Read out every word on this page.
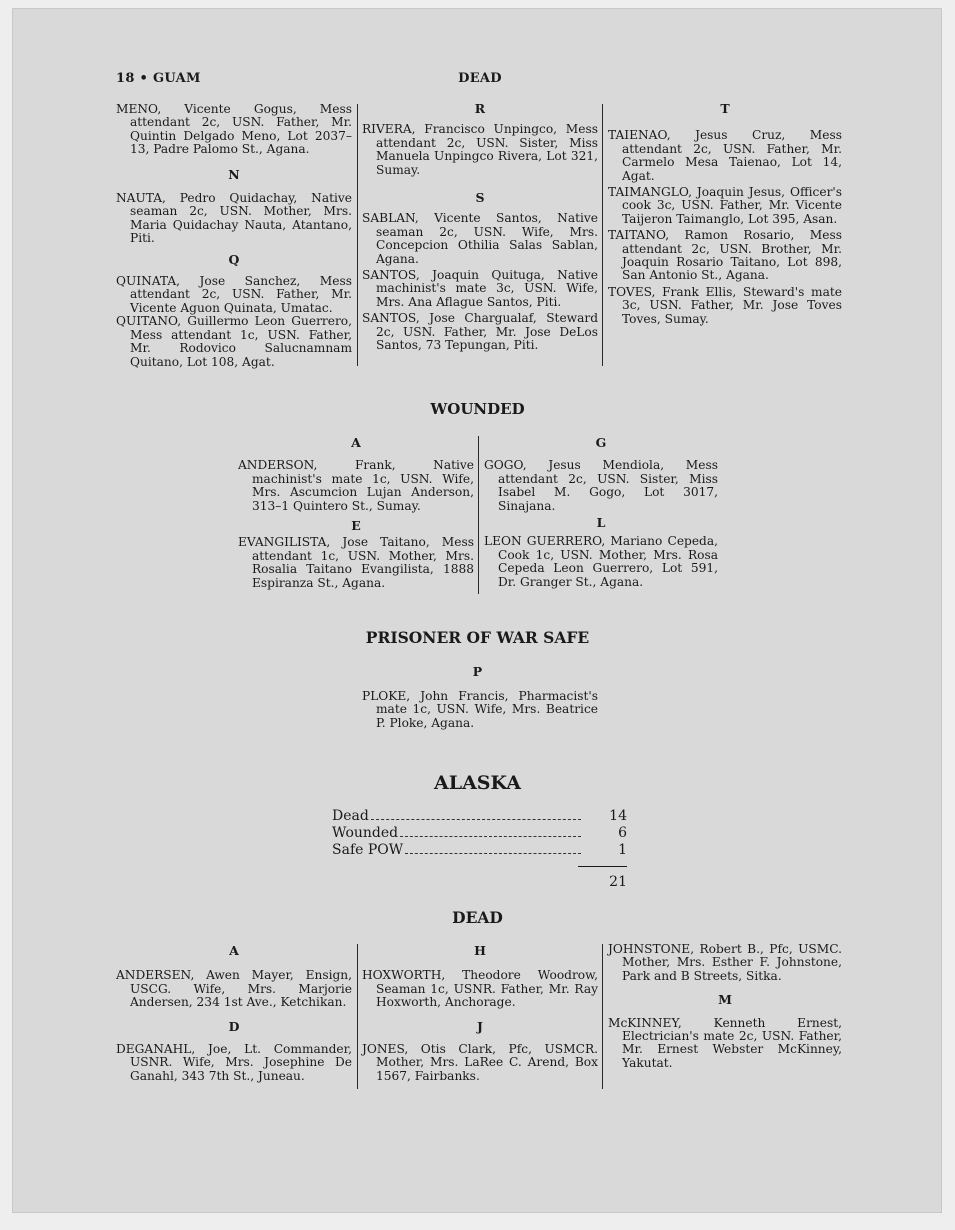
18 • GUAM	DEAD

MENO, Vicente Gogus, Mess attendant 2c, USN. Father, Mr. Quintin Delgado Meno, Lot 2037–13, Padre Palomo St., Agana.

N

NAUTA, Pedro Quidachay, Native seaman 2c, USN. Mother, Mrs. Maria Quidachay Nauta, Atantano, Piti.

Q

QUINATA, Jose Sanchez, Mess attendant 2c, USN. Father, Mr. Vicente Aguon Quinata, Umatac.

QUITANO, Guillermo Leon Guerrero, Mess attendant 1c, USN. Father, Mr. Rodovico Salucnamnam Quitano, Lot 108, Agat.

R

RIVERA, Francisco Unpingco, Mess attendant 2c, USN. Sister, Miss Manuela Unpingco Rivera, Lot 321, Sumay.

S

SABLAN, Vicente Santos, Native seaman 2c, USN. Wife, Mrs. Concepcion Othilia Salas Sablan, Agana.

SANTOS, Joaquin Quituga, Native machinist's mate 3c, USN. Wife, Mrs. Ana Aflague Santos, Piti.

SANTOS, Jose Chargualaf, Steward 2c, USN. Father, Mr. Jose DeLos Santos, 73 Tepungan, Piti.

T

TAIENAO, Jesus Cruz, Mess attendant 2c, USN. Father, Mr. Carmelo Mesa Taienao, Lot 14, Agat.

TAIMANGLO, Joaquin Jesus, Officer's cook 3c, USN. Father, Mr. Vicente Taijeron Taimanglo, Lot 395, Asan.

TAITANO, Ramon Rosario, Mess attendant 2c, USN. Brother, Mr. Joaquin Rosario Taitano, Lot 898, San Antonio St., Agana.

TOVES, Frank Ellis, Steward's mate 3c, USN. Father, Mr. Jose Toves Toves, Sumay.

WOUNDED

A

ANDERSON, Frank, Native machinist's mate 1c, USN. Wife, Mrs. Ascumcion Lujan Anderson, 313–1 Quintero St., Sumay.

E

EVANGILISTA, Jose Taitano, Mess attendant 1c, USN. Mother, Mrs. Rosalia Taitano Evangilista, 1888 Espiranza St., Agana.

G

GOGO, Jesus Mendiola, Mess attendant 2c, USN. Sister, Miss Isabel M. Gogo, Lot 3017, Sinajana.

L

LEON GUERRERO, Mariano Cepeda, Cook 1c, USN. Mother, Mrs. Rosa Cepeda Leon Guerrero, Lot 591, Dr. Granger St., Agana.

PRISONER OF WAR SAFE
P

PLOKE, John Francis, Pharmacist's mate 1c, USN. Wife, Mrs. Beatrice P. Ploke, Agana.

ALASKA
Dead	14
Wounded	6
Safe POW	1
21
DEAD

A

ANDERSEN, Awen Mayer, Ensign, USCG. Wife, Mrs. Marjorie Andersen, 234 1st Ave., Ketchikan.

D

DEGANAHL, Joe, Lt. Commander, USNR. Wife, Mrs. Josephine De Ganahl, 343 7th St., Juneau.

H

HOXWORTH, Theodore Woodrow, Seaman 1c, USNR. Father, Mr. Ray Hoxworth, Anchorage.

J

JONES, Otis Clark, Pfc, USMCR. Mother, Mrs. LaRee C. Arend, Box 1567, Fairbanks.

JOHNSTONE, Robert B., Pfc, USMC. Mother, Mrs. Esther F. Johnstone, Park and B Streets, Sitka.

M

McKINNEY, Kenneth Ernest, Electrician's mate 2c, USN. Father, Mr. Ernest Webster McKinney, Yakutat.
